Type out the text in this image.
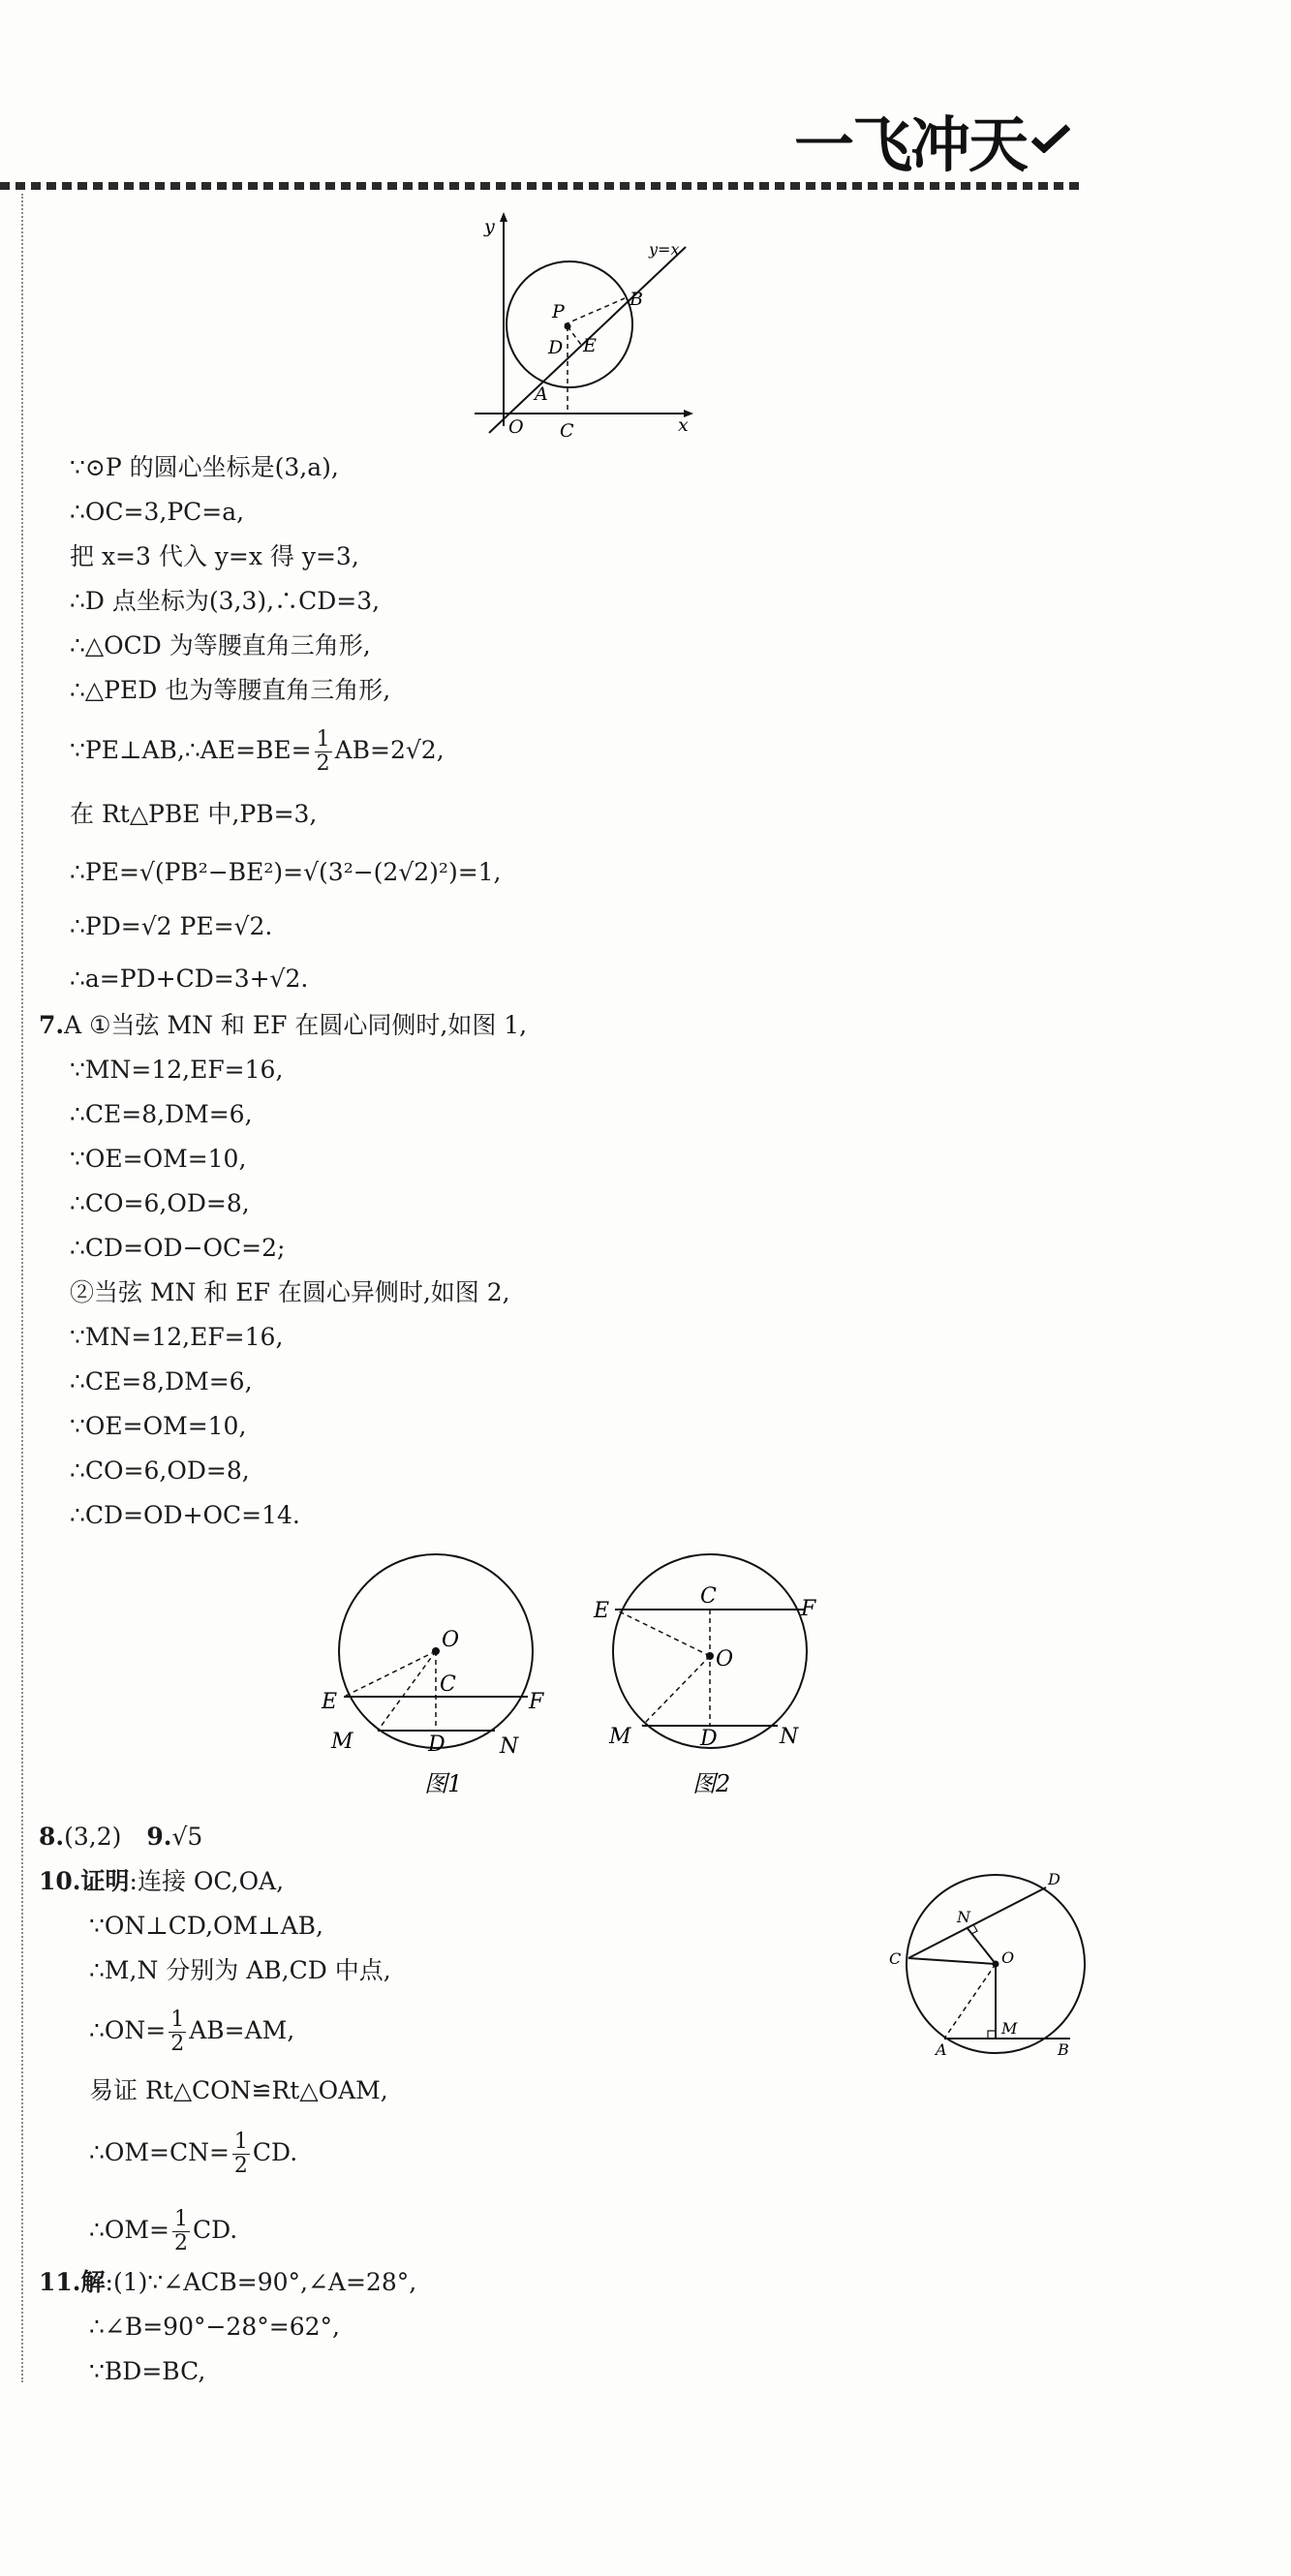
一飞冲天
y
x
y=x
P
B
D E
A
O C
∵⊙P 的圆心坐标是(3,a),
∴OC=3,PC=a,
把 x=3 代入 y=x 得 y=3,
∴D 点坐标为(3,3),∴CD=3,
∴△OCD 为等腰直角三角形,
∴△PED 也为等腰直角三角形,
∵PE⊥AB,∴AE=BE= $\frac{1}{2} AB=2√2$,
在 Rt△PBE 中,PB=3,
∴PE=√(PB²−BE²)=√(3²−(2√2)²)=1,
∴PD=√2 PE=√2.
∴a=PD+CD=3+√2.
7.A ①当弦 MN 和 EF 在圆心同侧时,如图 1,
∵MN=12,EF=16,
∴CE=8,DM=6,
∵OE=OM=10,
∴CO=6,OD=8,
∴CD=OD−OC=2;
②当弦 MN 和 EF 在圆心异侧时,如图 2,
∵MN=12,EF=16,
∴CE=8,DM=6,
∵OE=OM=10,
∴CO=6,OD=8,
∴CD=OD+OC=14.
O
C
E	F
M	D	N
图1
E
C
F
O
M	D	N
图2
8.(3,2) 9.√5
10.证明:连接 OC,OA,
∵ON⊥CD,OM⊥AB,
∴M,N 分别为 AB,CD 中点,
∴ON= $\frac{1}{2} AB=AM$,
易证 Rt△CON≌Rt△OAM,
∴OM=CN= $\frac{1}{2}$ CD.
∴OM= $\frac{1}{2}$ CD.
D
N
C	O
M
A	B
11.解:(1)∵∠ACB=90°,∠A=28°,
∴∠B=90°−28°=62°,
∵BD=BC,
